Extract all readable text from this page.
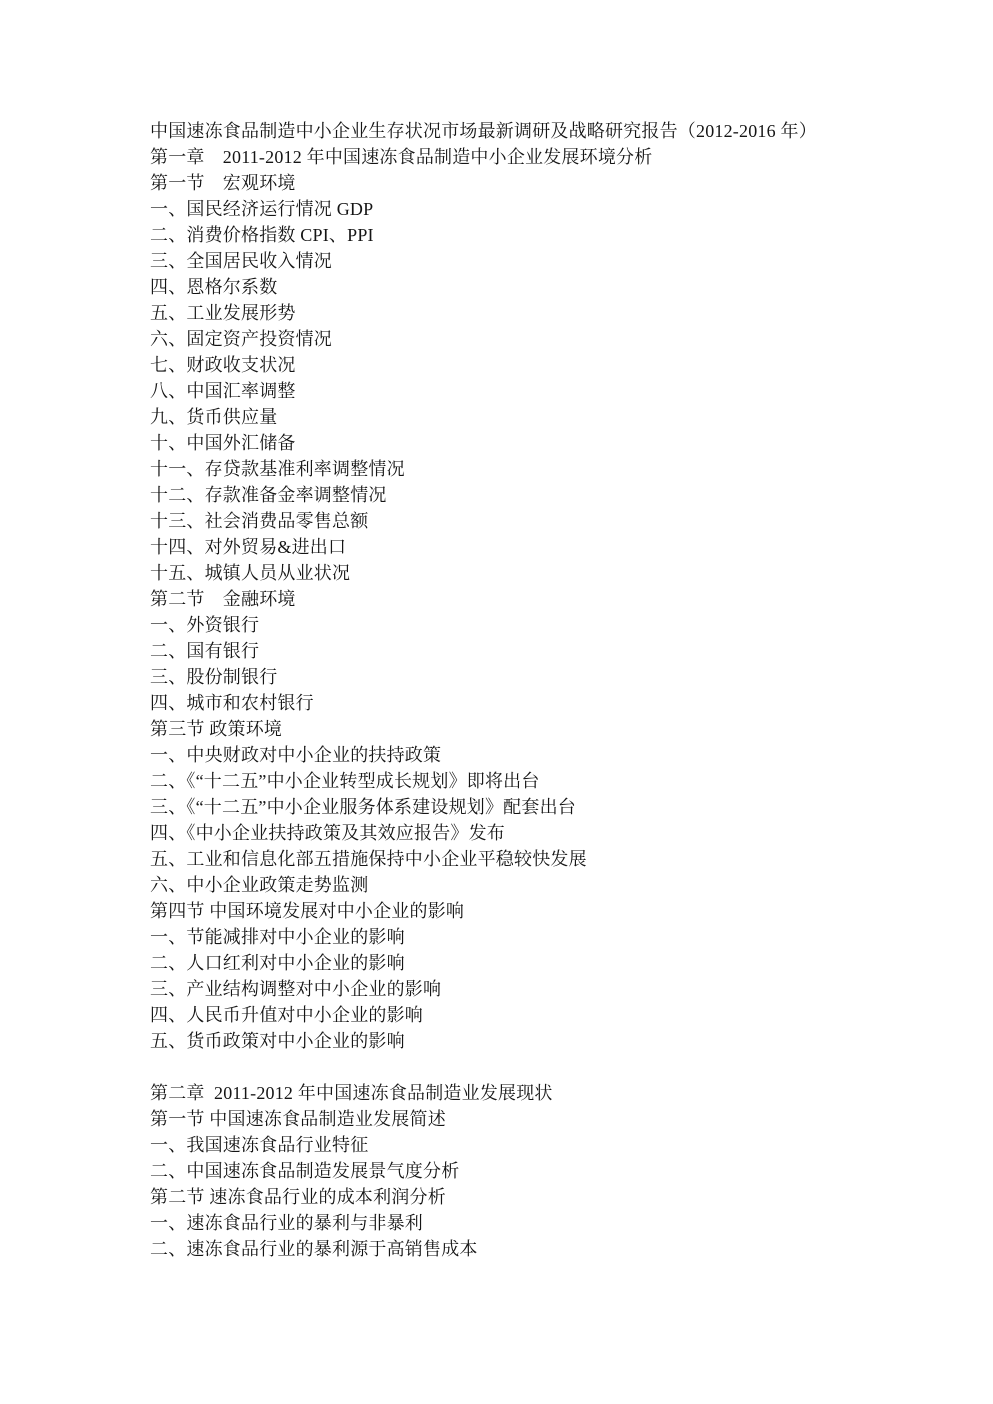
中国速冻食品制造中小企业生存状况市场最新调研及战略研究报告（2012-2016 年）

第一章　2011-2012 年中国速冻食品制造中小企业发展环境分析

第一节　宏观环境

一、国民经济运行情况 GDP

二、消费价格指数 CPI、PPI

三、全国居民收入情况

四、恩格尔系数

五、工业发展形势

六、固定资产投资情况

七、财政收支状况

八、中国汇率调整

九、货币供应量

十、中国外汇储备

十一、存贷款基准利率调整情况

十二、存款准备金率调整情况

十三、社会消费品零售总额

十四、对外贸易&进出口

十五、城镇人员从业状况

第二节　金融环境

一、外资银行

二、国有银行

三、股份制银行

四、城市和农村银行

第三节 政策环境

一、中央财政对中小企业的扶持政策

二、《“十二五”中小企业转型成长规划》即将出台

三、《“十二五”中小企业服务体系建设规划》配套出台

四、《中小企业扶持政策及其效应报告》发布

五、工业和信息化部五措施保持中小企业平稳较快发展

六、中小企业政策走势监测

第四节 中国环境发展对中小企业的影响

一、节能减排对中小企业的影响

二、人口红利对中小企业的影响

三、产业结构调整对中小企业的影响

四、人民币升值对中小企业的影响

五、货币政策对中小企业的影响

第二章  2011-2012 年中国速冻食品制造业发展现状

第一节 中国速冻食品制造业发展简述

一、我国速冻食品行业特征

二、中国速冻食品制造发展景气度分析

第二节 速冻食品行业的成本利润分析

一、速冻食品行业的暴利与非暴利

二、速冻食品行业的暴利源于高销售成本
